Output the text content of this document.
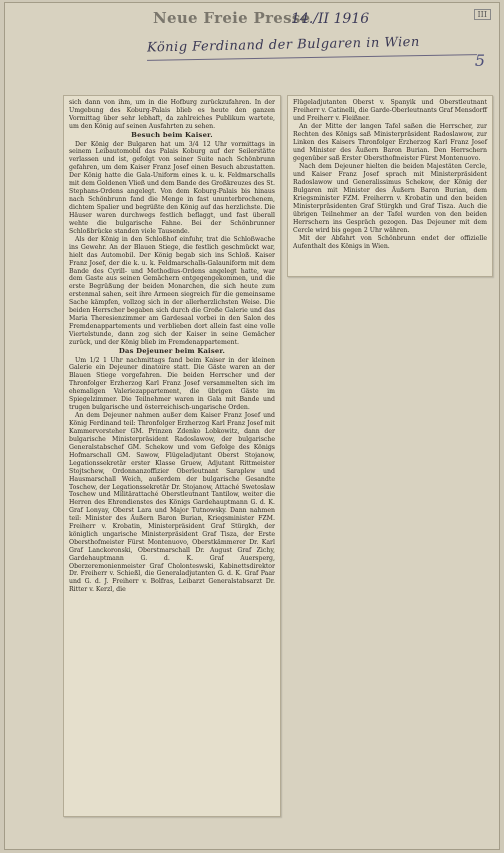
Neue Freie Presse
14./II 1916	III
König Ferdinand der Bulgaren in Wien
5

sich dann von ihm, um in die Hofburg zurückzufahren. In der Umgebung des Koburg-Palais blieb es heute den ganzen Vormittag über sehr lebhaft, da zahlreiches Publikum wartete, um den König auf seinen Ausfahrten zu sehen.

Besuch beim Kaiser.

Der König der Bulgaren hat um 3/4 12 Uhr vormittags in seinem Leibautomobil das Palais Koburg auf der Seilerstätte verlassen und ist, gefolgt von seiner Suite nach Schönbrunn gefahren, um dem Kaiser Franz Josef einen Besuch abzustatten. Der König hatte die Gala-Uniform eines k. u. k. Feldmarschalls mit dem Goldenen Vließ und dem Bande des Großkreuzes des St. Stephans-Ordens angelegt. Von dem Koburg-Palais bis hinaus nach Schönbrunn fand die Menge in fast ununterbrochenem, dichtem Spalier und begrüßte den König auf das herzlichste. Die Häuser waren durchwegs festlich beflaggt, und fast überall wehte die bulgarische Fahne. Bei der Schönbrunner Schloßbrücke standen viele Tausende.

Als der König in den Schloßhof einfuhr, trat die Schloßwache ins Gewehr. An der Blauen Stiege, die festlich geschmückt war, hielt das Automobil. Der König begab sich ins Schloß. Kaiser Franz Josef, der die k. u. k. Feldmarschalls-Galauniform mit dem Bande des Cyrill- und Methodius-Ordens angelegt hatte, war dem Gaste aus seinen Gemächern entgegengekommen, und die erste Begrüßung der beiden Monarchen, die sich heute zum erstenmal sahen, seit ihre Armeen siegreich für die gemeinsame Sache kämpfen, vollzog sich in der allerherzlichsten Weise. Die beiden Herrscher begaben sich durch die Große Galerie und das Maria Theresienzimmer am Gardesaal vorbei in den Salon des Fremdenappartements und verblieben dort allein fast eine volle Viertelstunde, dann zog sich der Kaiser in seine Gemächer zurück, und der König blieb im Fremdenappartement.

Das Dejeuner beim Kaiser.

Um 1/2 1 Uhr nachmittags fand beim Kaiser in der kleinen Galerie ein Dejeuner dinatoire statt. Die Gäste waren an der Blauen Stiege vorgefahren. Die beiden Herrscher und der Thronfolger Erzherzog Karl Franz Josef versammelten sich im ehemaligen Valeriezappartement, die übrigen Gäste im Spiegelzimmer. Die Teilnehmer waren in Gala mit Bande und trugen bulgarische und österreichisch-ungarische Orden.

An dem Dejeuner nahmen außer dem Kaiser Franz Josef und König Ferdinand teil: Thronfolger Erzherzog Karl Franz Josef mit Kammervorsteher GM. Prinzen Zdenko Lobkowitz, dann der bulgarische Ministerpräsident Radoslawow, der bulgarische Generalstabschef GM. Schekow und vom Gefolge des Königs Hofmarschall GM. Sawow, Flügeladjutant Oberst Stojanow, Legationssekretär erster Klasse Gruew, Adjutant Rittmeister Stojtschew, Ordonnanzoffizier Oberleutnant Saraplew und Hausmarschall Weich, außerdem der bulgarische Gesandte Toschew, der Legationssekretär Dr. Stojanow, Attaché Swetoslaw Toschew und Militärattaché Oberstleutnant Tantilow, weiter die Herren des Ehrendienstes des Königs Gardehauptmann G. d. K. Graf Lonyay, Oberst Lara und Major Tutnowsky. Dann nahmen teil: Minister des Äußern Baron Burian, Kriegsminister FZM. Freiherr v. Krobatin, Ministerpräsident Graf Stürgkh, der königlich ungarische Ministerpräsident Graf Tisza, der Erste Obersthofmeister Fürst Montenuovo, Oberstkämmerer Dr. Karl Graf Lanckoronski, Oberstmarschall Dr. August Graf Zichy, Gardehauptmann G. d. K. Graf Auersperg, Oberzeremonienmeister Graf Cholonteswski, Kabinettsdirektor Dr. Freiherr v. Schießl, die Generaladjutanten G. d. K. Graf Paar und G. d. J. Freiherr v. Bolfras, Leibarzt Generalstabsarzt Dr. Ritter v. Kerzl, die

Flügeladjutanten Oberst v. Spanyik und Oberstleutnant Freiherr v. Catinelli, die Garde-Oberleutnants Graf Mensdorff und Freiherr v. Fleißner.

An der Mitte der langen Tafel saßen die Herrscher, zur Rechten des Königs saß Ministerpräsident Radoslawow, zur Linken des Kaisers Thronfolger Erzherzog Karl Franz Josef und Minister des Äußern Baron Burian. Den Herrschern gegenüber saß Erster Obersthofmeister Fürst Montenuovo.

Nach dem Dejeuner hielten die beiden Majestäten Cercle, und Kaiser Franz Josef sprach mit Ministerpräsident Radoslawow und Generalissimus Schekow, der König der Bulgaren mit Minister des Äußern Baron Burian, dem Kriegsminister FZM. Freiherrn v. Krobatin und den beiden Ministerpräsidenten Graf Stürgkh und Graf Tisza. Auch die übrigen Teilnehmer an der Tafel wurden von den beiden Herrschern ins Gespräch gezogen. Das Dejeuner mit dem Cercle wird bis gegen 2 Uhr währen.

Mit der Abfahrt von Schönbrunn endet der offizielle Aufenthalt des Königs in Wien.
